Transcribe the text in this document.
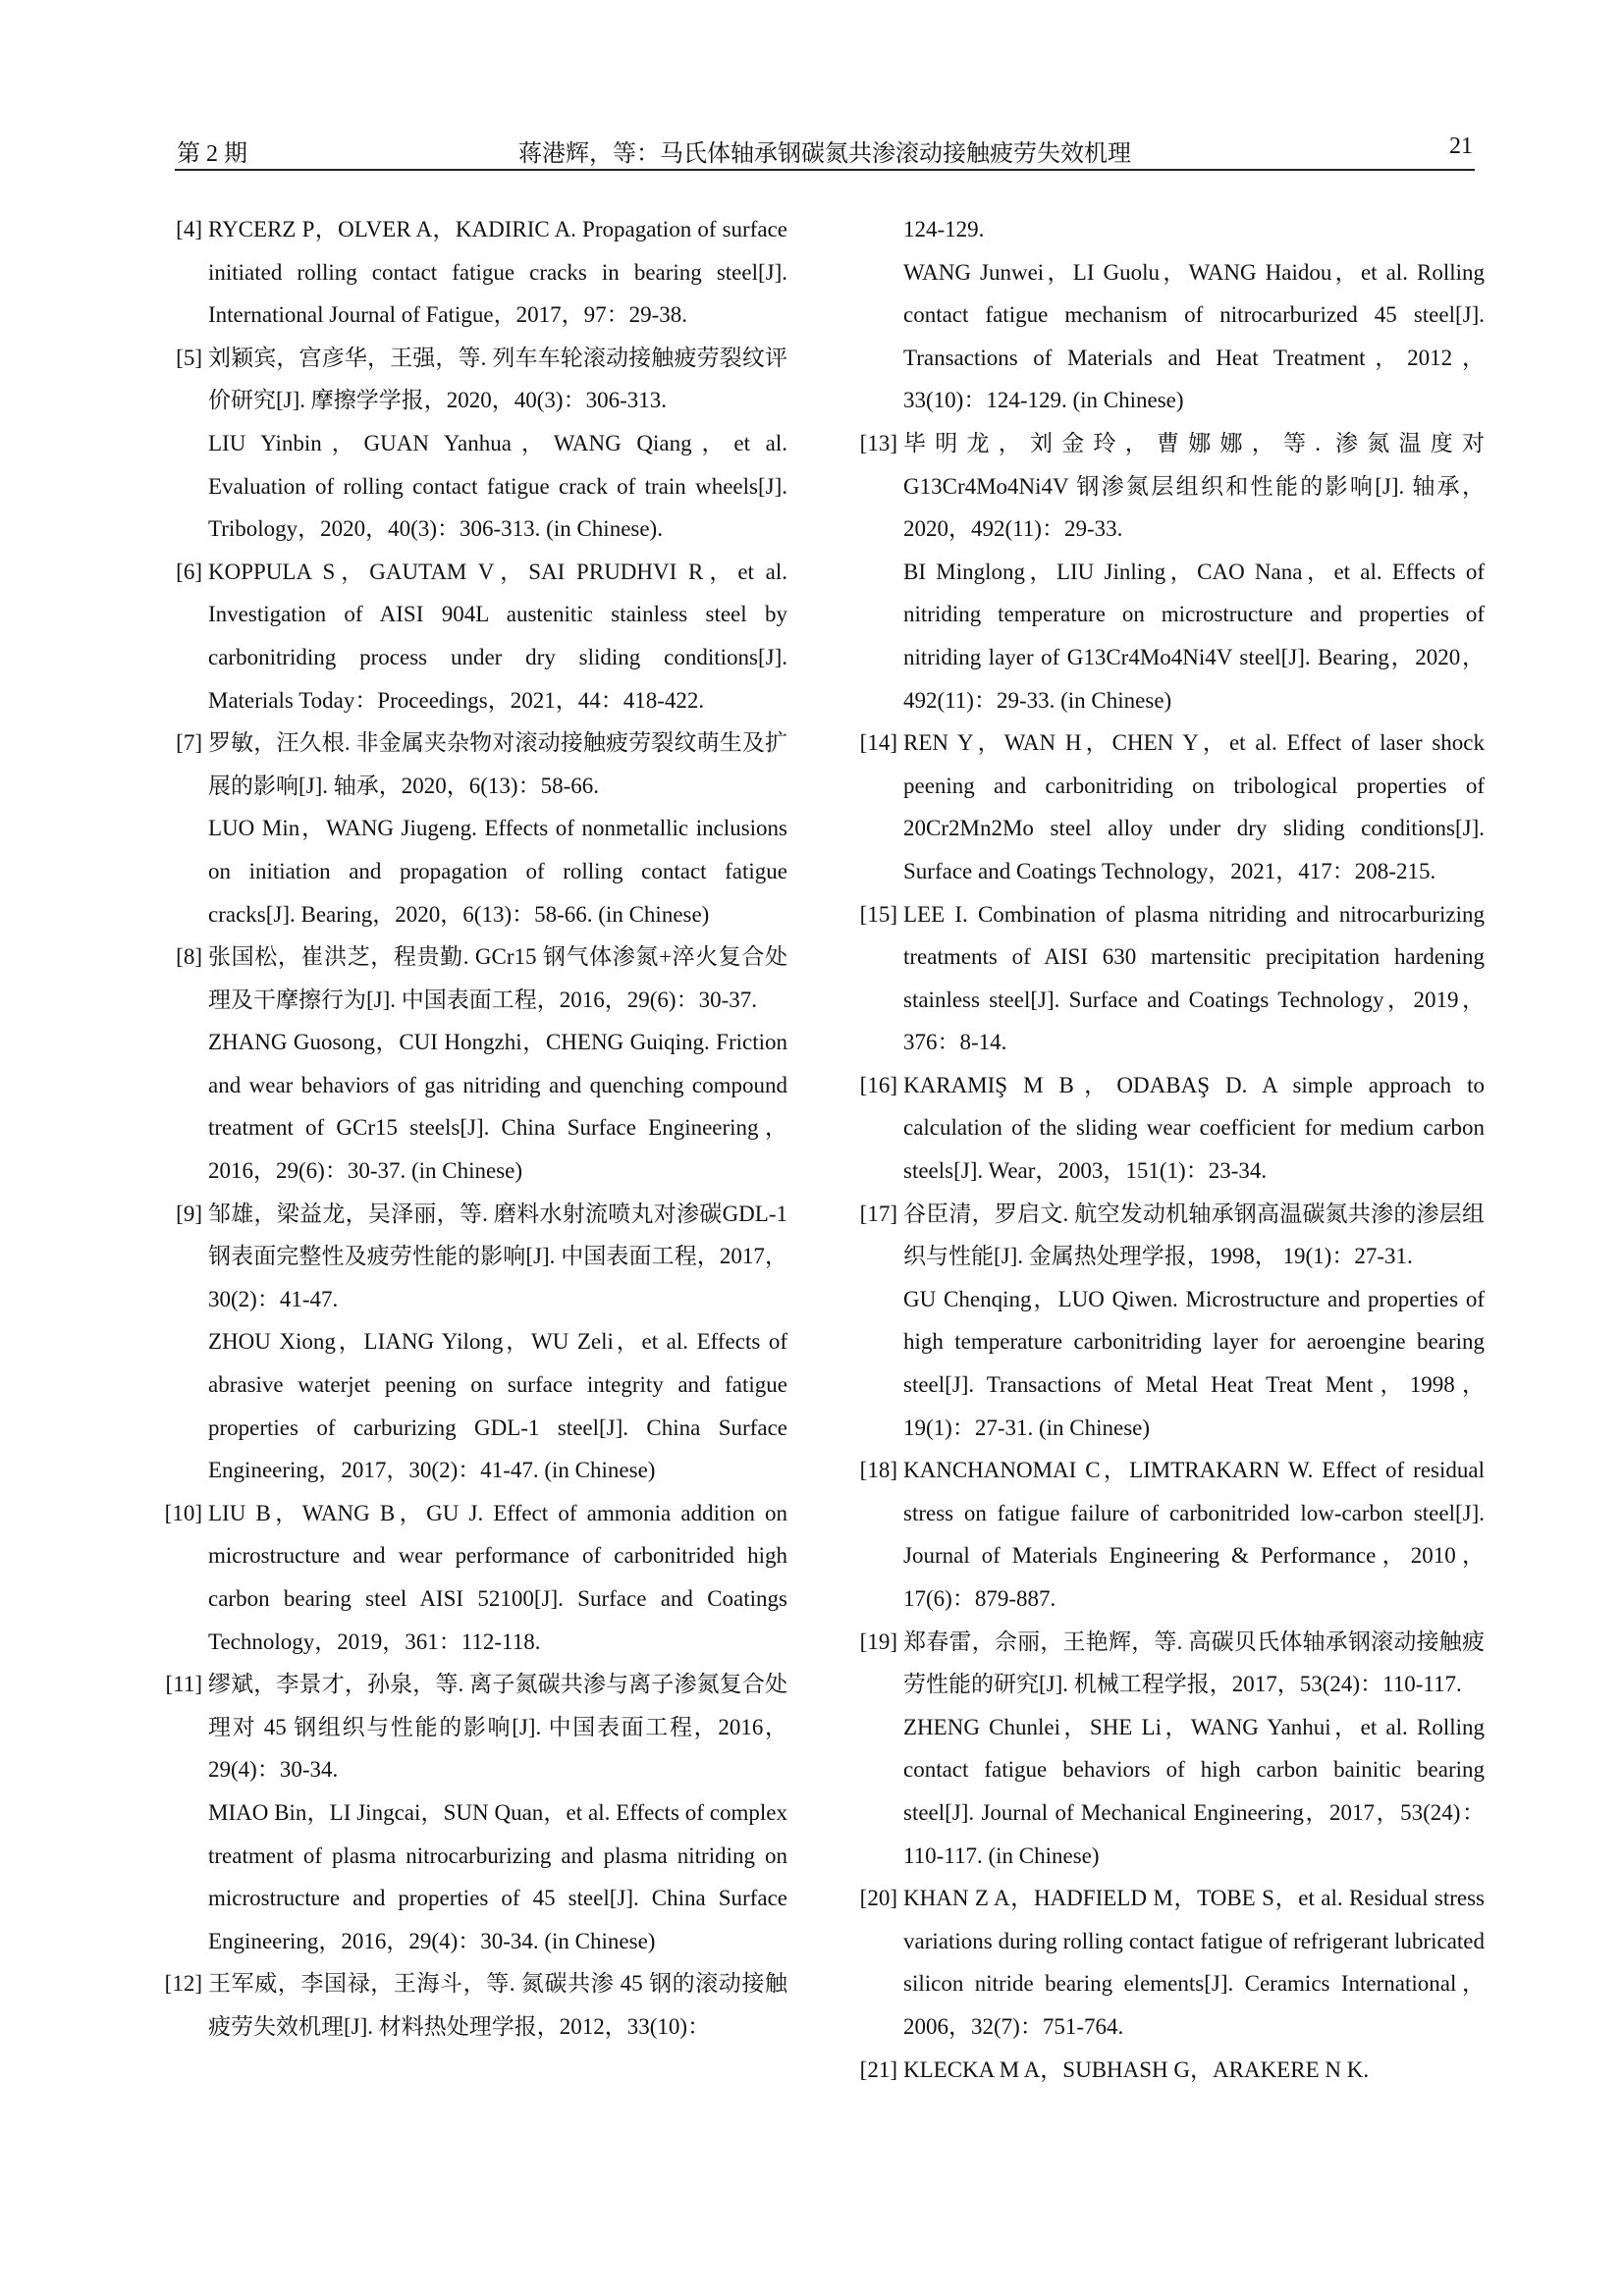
第 2 期	蒋港辉，等：马氏体轴承钢碳氮共渗滚动接触疲劳失效机理	21
[4] RYCERZ P，OLVER A，KADIRIC A. Propagation of surface initiated rolling contact fatigue cracks in bearing steel[J]. International Journal of Fatigue，2017，97：29-38.
[5] 刘颖宾，宫彦华，王强，等. 列车车轮滚动接触疲劳裂纹评价研究[J]. 摩擦学学报，2020，40(3)：306-313.
LIU Yinbin，GUAN Yanhua，WANG Qiang，et al. Evaluation of rolling contact fatigue crack of train wheels[J]. Tribology，2020，40(3)：306-313. (in Chinese).
[6] KOPPULA S，GAUTAM V，SAI PRUDHVI R，et al. Investigation of AISI 904L austenitic stainless steel by carbonitriding process under dry sliding conditions[J]. Materials Today：Proceedings，2021，44：418-422.
[7] 罗敏，汪久根. 非金属夹杂物对滚动接触疲劳裂纹萌生及扩展的影响[J]. 轴承，2020，6(13)：58-66.
LUO Min，WANG Jiugeng. Effects of nonmetallic inclusions on initiation and propagation of rolling contact fatigue cracks[J]. Bearing，2020，6(13)：58-66. (in Chinese)
[8] 张国松，崔洪芝，程贵勤. GCr15 钢气体渗氮+淬火复合处理及干摩擦行为[J]. 中国表面工程，2016，29(6)：30-37.
ZHANG Guosong，CUI Hongzhi，CHENG Guiqing. Friction and wear behaviors of gas nitriding and quenching compound treatment of GCr15 steels[J]. China Surface Engineering，2016，29(6)：30-37. (in Chinese)
[9] 邹雄，梁益龙，吴泽丽，等. 磨料水射流喷丸对渗碳GDL-1 钢表面完整性及疲劳性能的影响[J]. 中国表面工程，2017，30(2)：41-47.
ZHOU Xiong，LIANG Yilong，WU Zeli，et al. Effects of abrasive waterjet peening on surface integrity and fatigue properties of carburizing GDL-1 steel[J]. China Surface Engineering，2017，30(2)：41-47. (in Chinese)
[10] LIU B，WANG B，GU J. Effect of ammonia addition on microstructure and wear performance of carbonitrided high carbon bearing steel AISI 52100[J]. Surface and Coatings Technology，2019，361：112-118.
[11] 缪斌，李景才，孙泉，等. 离子氮碳共渗与离子渗氮复合处理对 45 钢组织与性能的影响[J]. 中国表面工程，2016，29(4)：30-34.
MIAO Bin，LI Jingcai，SUN Quan，et al. Effects of complex treatment of plasma nitrocarburizing and plasma nitriding on microstructure and properties of 45 steel[J]. China Surface Engineering，2016，29(4)：30-34. (in Chinese)
[12] 王军威，李国禄，王海斗，等. 氮碳共渗 45 钢的滚动接触疲劳失效机理[J]. 材料热处理学报，2012，33(10)：
124-129.
WANG Junwei，LI Guolu，WANG Haidou，et al. Rolling contact fatigue mechanism of nitrocarburized 45 steel[J]. Transactions of Materials and Heat Treatment，2012，33(10)：124-129. (in Chinese)
[13] 毕明龙，刘金玲，曹娜娜，等. 渗氮温度对 G13Cr4Mo4Ni4V 钢渗氮层组织和性能的影响[J]. 轴承，2020，492(11)：29-33.
BI Minglong，LIU Jinling，CAO Nana，et al. Effects of nitriding temperature on microstructure and properties of nitriding layer of G13Cr4Mo4Ni4V steel[J]. Bearing，2020，492(11)：29-33. (in Chinese)
[14] REN Y，WAN H，CHEN Y，et al. Effect of laser shock peening and carbonitriding on tribological properties of 20Cr2Mn2Mo steel alloy under dry sliding conditions[J]. Surface and Coatings Technology，2021，417：208-215.
[15] LEE I. Combination of plasma nitriding and nitrocarburizing treatments of AISI 630 martensitic precipitation hardening stainless steel[J]. Surface and Coatings Technology，2019，376：8-14.
[16] KARAMIŞ M B，ODABAŞ D. A simple approach to calculation of the sliding wear coefficient for medium carbon steels[J]. Wear，2003，151(1)：23-34.
[17] 谷臣清，罗启文. 航空发动机轴承钢高温碳氮共渗的渗层组织与性能[J]. 金属热处理学报，1998， 19(1)：27-31.
GU Chenqing，LUO Qiwen. Microstructure and properties of high temperature carbonitriding layer for aeroengine bearing steel[J]. Transactions of Metal Heat Treat Ment，1998，19(1)：27-31. (in Chinese)
[18] KANCHANOMAI C，LIMTRAKARN W. Effect of residual stress on fatigue failure of carbonitrided low-carbon steel[J]. Journal of Materials Engineering & Performance，2010，17(6)：879-887.
[19] 郑春雷，佘丽，王艳辉，等. 高碳贝氏体轴承钢滚动接触疲劳性能的研究[J]. 机械工程学报，2017，53(24)：110-117.
ZHENG Chunlei，SHE Li，WANG Yanhui，et al. Rolling contact fatigue behaviors of high carbon bainitic bearing steel[J]. Journal of Mechanical Engineering，2017，53(24)：110-117. (in Chinese)
[20] KHAN Z A，HADFIELD M，TOBE S，et al. Residual stress variations during rolling contact fatigue of refrigerant lubricated silicon nitride bearing elements[J]. Ceramics International，2006，32(7)：751-764.
[21] KLECKA M A，SUBHASH G，ARAKERE N K.
